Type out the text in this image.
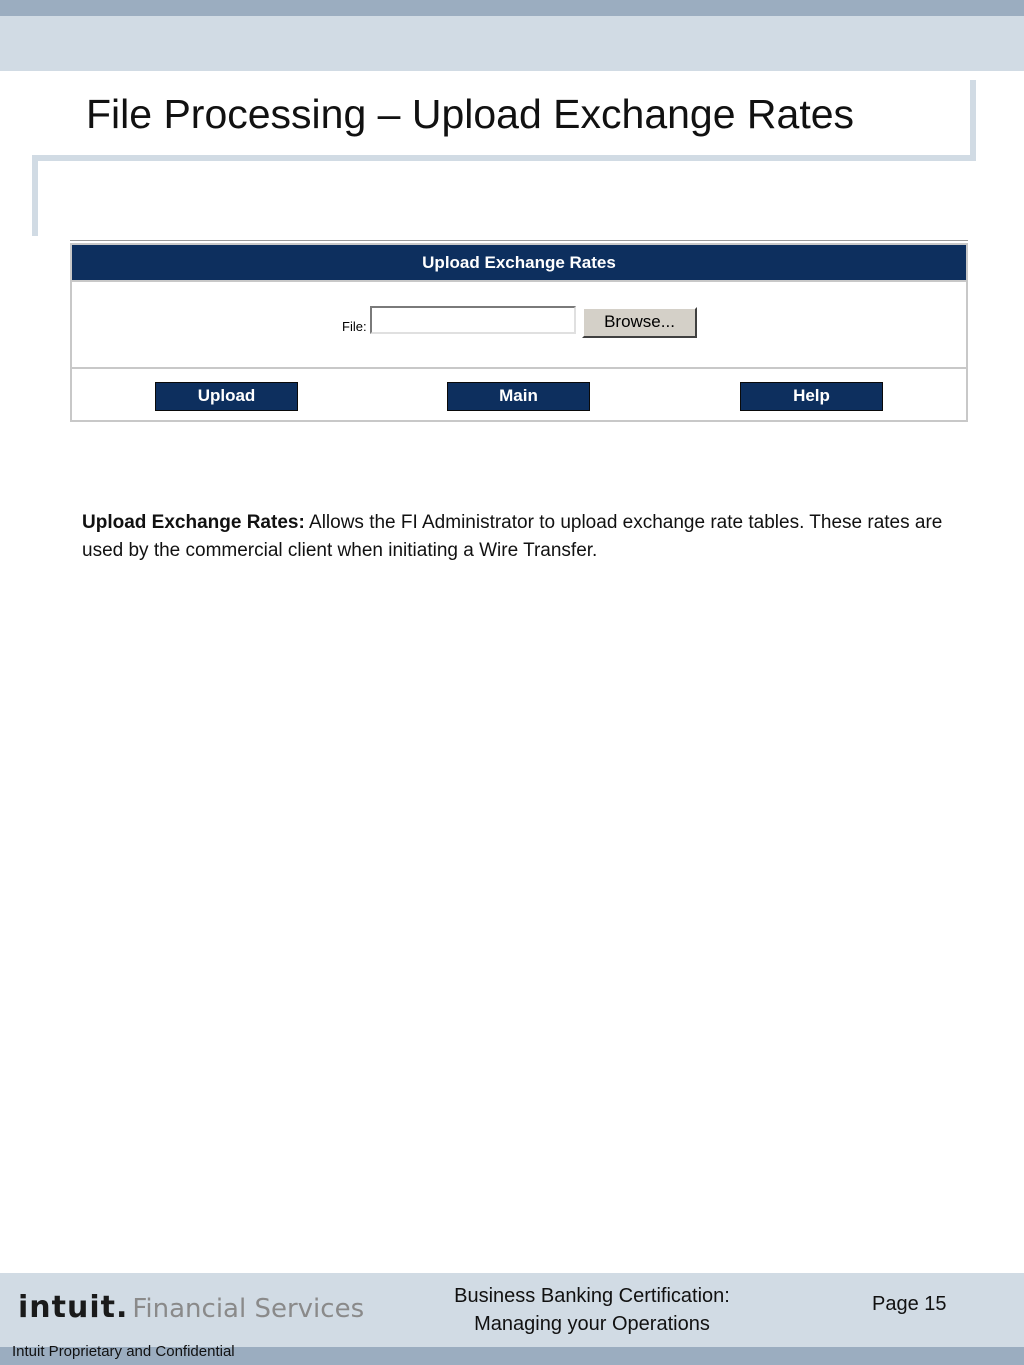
File Processing – Upload Exchange Rates
Upload Exchange Rates
File:	Browse...
Upload	Main	Help
Upload Exchange Rates: Allows the FI Administrator to upload exchange rate tables. These rates are used by the commercial client when initiating a Wire Transfer.
intuit. Financial Services	Business Banking Certification:
Managing your Operations
Page 15
Intuit Proprietary and Confidential
